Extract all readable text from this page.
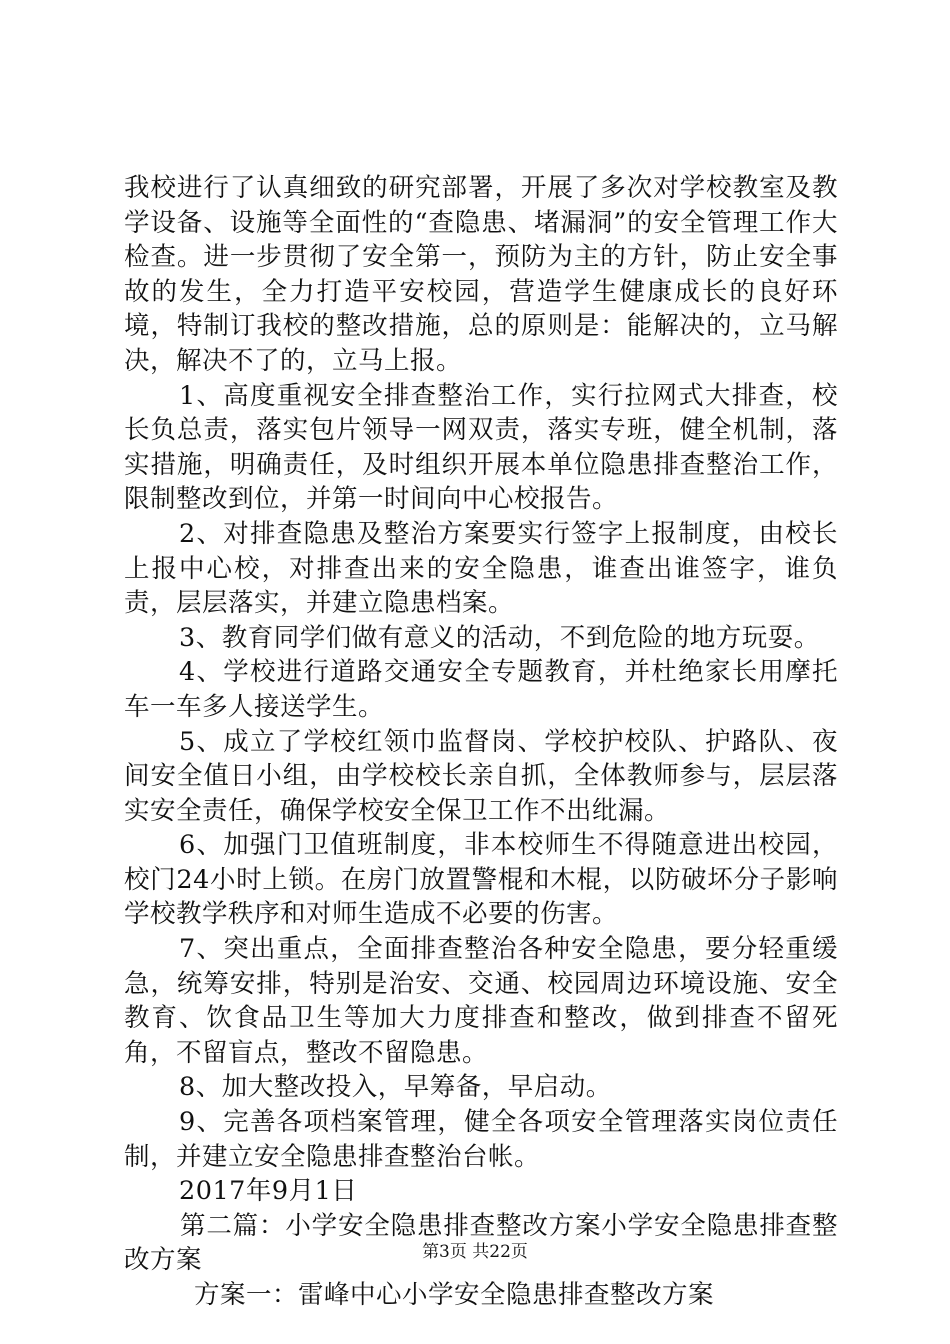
我校进行了认真细致的研究部署，开展了多次对学校教室及教学设备、设施等全面性的“查隐患、堵漏洞”的安全管理工作大检查。进一步贯彻了安全第一，预防为主的方针，防止安全事故的发生，全力打造平安校园，营造学生健康成长的良好环境，特制订我校的整改措施，总的原则是：能解决的，立马解决，解决不了的，立马上报。

1、高度重视安全排查整治工作，实行拉网式大排查，校长负总责，落实包片领导一网双责，落实专班，健全机制，落实措施，明确责任，及时组织开展本单位隐患排查整治工作，限制整改到位，并第一时间向中心校报告。

2、对排查隐患及整治方案要实行签字上报制度，由校长上报中心校，对排查出来的安全隐患，谁查出谁签字，谁负责，层层落实，并建立隐患档案。

3、教育同学们做有意义的活动，不到危险的地方玩耍。

4、学校进行道路交通安全专题教育，并杜绝家长用摩托车一车多人接送学生。

5、成立了学校红领巾监督岗、学校护校队、护路队、夜间安全值日小组，由学校校长亲自抓，全体教师参与，层层落实安全责任，确保学校安全保卫工作不出纰漏。

6、加强门卫值班制度，非本校师生不得随意进出校园，校门24小时上锁。在房门放置警棍和木棍，以防破坏分子影响学校教学秩序和对师生造成不必要的伤害。

7、突出重点，全面排查整治各种安全隐患，要分轻重缓急，统筹安排，特别是治安、交通、校园周边环境设施、安全教育、饮食品卫生等加大力度排查和整改，做到排查不留死角，不留盲点，整改不留隐患。

8、加大整改投入，早筹备，早启动。

9、完善各项档案管理，健全各项安全管理落实岗位责任制，并建立安全隐患排查整治台帐。

2017年9月1日

第二篇：小学安全隐患排查整改方案小学安全隐患排查整改方案

方案一：雷峰中心小学安全隐患排查整改方案

第3页 共22页
